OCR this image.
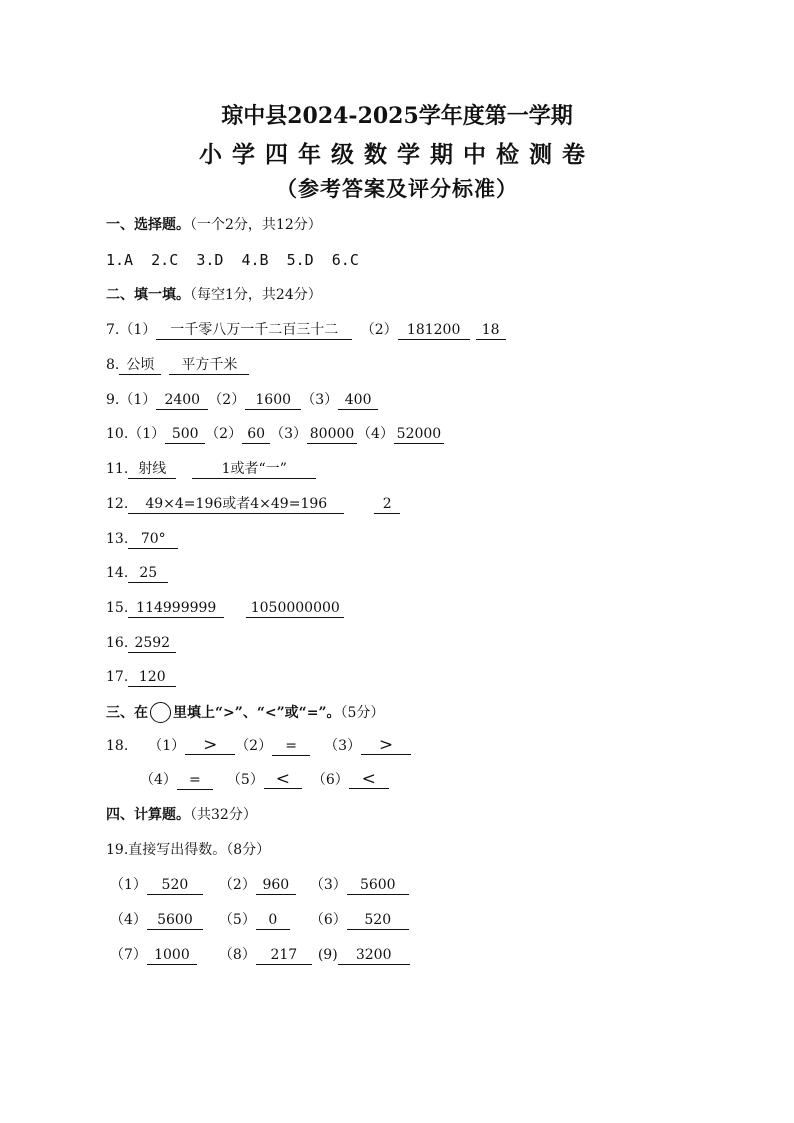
琼中县2024-2025学年度第一学期
小学四年级数学期中检测卷
（参考答案及评分标准）
一、选择题。（一个2分，共12分）
1.A 2.C 3.D 4.B 5.D 6.C
二、填一填。（每空1分，共24分）
7.（1） 一千零八万一千二百三十二 （2） 181200 18
8. 公顷 平方千米
9.（1） 2400 （2） 1600 （3） 400
10.（1） 500 （2） 60 （3） 80000 （4） 52000
11. 射线	1或者“一”
12. 49×4=196或者4×49=196	2
13. 70°
14. 25
15. 114999999 1050000000
16. 2592
17. 120
三、在 里填上“>”、“<”或“=”。（5分）
18. （1） > （2） = （3） >
（4） = （5） < （6） <
四、计算题。（共32分）
19.直接写出得数。（8分）
（1） 520 （2） 960 （3） 5600
（4） 5600 （5） 0 （6） 520
（7） 1000 （8） 217 (9) 3200
